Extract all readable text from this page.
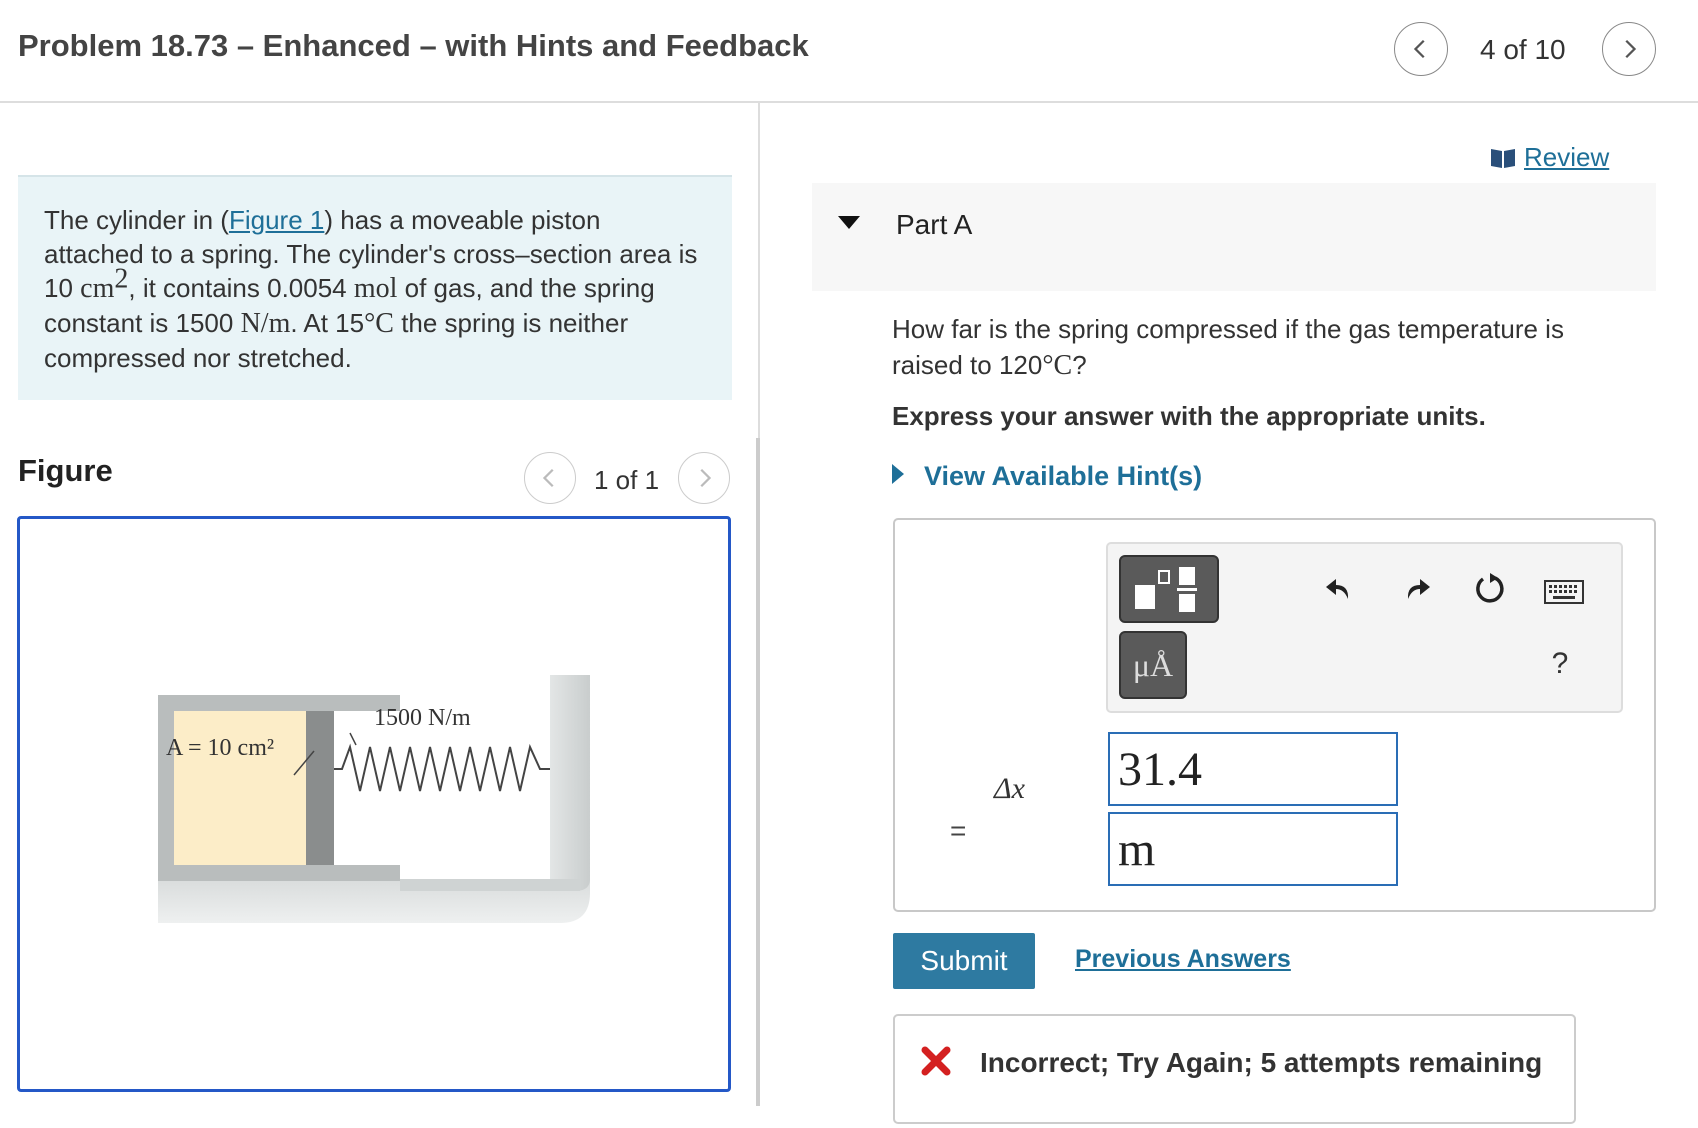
Problem 18.73 – Enhanced – with Hints and Feedback	4 of 10
The cylinder in (Figure 1) has a moveable piston attached to a spring. The cylinder's cross–section area is 10 $cm^2$, it contains 0.0054 mol of gas, and the spring constant is 1500 N/m. At 15°C the spring is neither compressed nor stretched.
Figure	1 of 1
A = 10 cm²
1500 N/m
Review
Part A
How far is the spring compressed if the gas temperature is raised to 120°C?
Express your answer with the appropriate units.
View Available Hint(s)
μÅ	?
Δx
=
31.4
m
Submit	Previous Answers
Incorrect; Try Again; 5 attempts remaining
